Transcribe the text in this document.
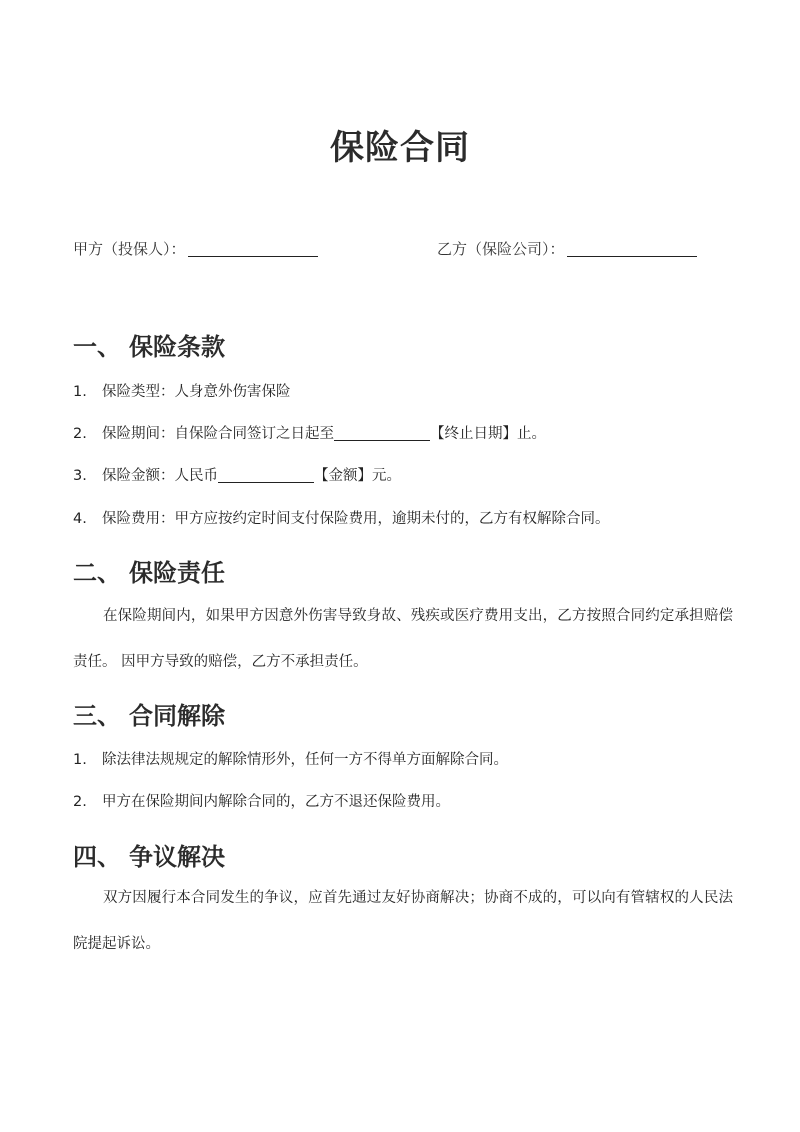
保险合同
甲方（投保人）：	乙方（保险公司）：
一、 保险条款
1. 保险类型：人身意外伤害保险
2. 保险期间：自保险合同签订之日起至	【终止日期】止。
3. 保险金额：人民币	【金额】元。
4. 保险费用：甲方应按约定时间支付保险费用，逾期未付的，乙方有权解除合同。
二、 保险责任

在保险期间内，如果甲方因意外伤害导致身故、残疾或医疗费用支出，乙方按照合同约定承担赔偿责任。 因甲方导致的赔偿，乙方不承担责任。

三、 合同解除
1. 除法律法规规定的解除情形外，任何一方不得单方面解除合同。
2. 甲方在保险期间内解除合同的，乙方不退还保险费用。
四、 争议解决

双方因履行本合同发生的争议，应首先通过友好协商解决；协商不成的，可以向有管辖权的人民法院提起诉讼。
